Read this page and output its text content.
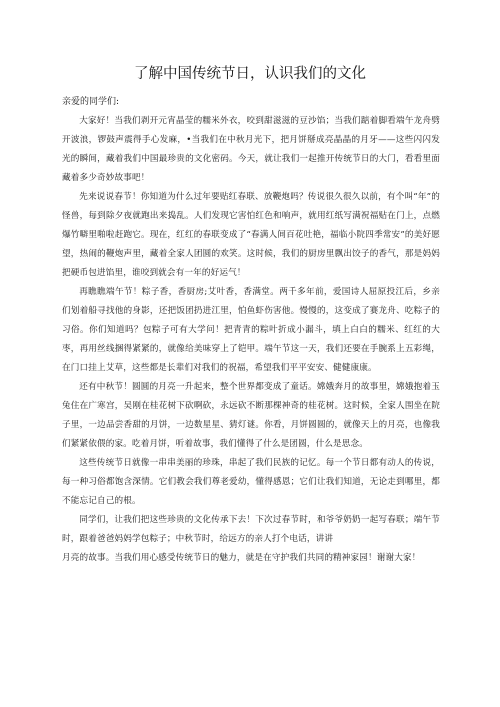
了解中国传统节日，认识我们的文化
亲爱的同学们:

大家好！当我们剥开元宵晶莹的糯米外衣，咬到甜滋滋的豆沙馅；当我们踮着脚看端午龙舟劈开波浪，锣鼓声震得手心发麻，•当我们在中秋月光下，把月饼掰成亮晶晶的月牙——这些闪闪发光的瞬间，藏着我们中国最珍贵的文化密码。今天，就让我们一起推开传统节日的大门，看看里面藏着多少奇妙故事吧！

先来说说春节！你知道为什么过年要贴红春联、放鞭炮吗？传说很久很久以前，有个叫“年”的怪兽，每到除夕夜就跑出来捣乱。人们发现它害怕红色和响声，就用红纸写满祝福贴在门上，点燃爆竹噼里啪啦赶跑它。现在，红红的春联变成了“春满人间百花吐艳，福临小院四季常安”的美好愿望，热闹的鞭炮声里，藏着全家人团圆的欢笑。这时候，我们的厨房里飘出饺子的香气，那是妈妈把硬币包进馅里，谁咬到就会有一年的好运气！

再瞧瞧端午节！粽子香，香厨房;艾叶香，香满堂。两千多年前，爱国诗人屈原投江后，乡亲们划着船寻找他的身影，还把饭团扔进江里，怕鱼虾伤害他。慢慢的，这变成了赛龙舟、吃粽子的习俗。你们知道吗？包粽子可有大学问！把青青的粽叶折成小漏斗，填上白白的糯米、红红的大枣，再用丝线捆得紧紧的，就像给美味穿上了铠甲。端午节这一天，我们还要在手腕系上五彩绳，在门口挂上艾草，这些都是长辈们对我们的祝福，希望我们平平安安、健健康康。

还有中秋节！圆圆的月亮一升起来，整个世界都变成了童话。嫦娥奔月的故事里，嫦娥抱着玉兔住在广寒宫，吴刚在桂花树下砍啊砍，永远砍不断那棵神奇的桂花树。这时候，全家人围坐在院子里，一边品尝香甜的月饼，一边数星星、猜灯谜。你看，月饼圆圆的，就像天上的月亮，也像我们紧紧依偎的家。吃着月饼，听着故事，我们懂得了什么是团圆，什么是思念。

这些传统节日就像一串串美丽的珍珠，串起了我们民族的记忆。每一个节日都有动人的传说，每一种习俗都饱含深情。它们教会我们尊老爱幼，懂得感恩；它们让我们知道，无论走到哪里，都不能忘记自己的根。

同学们，让我们把这些珍贵的文化传承下去！下次过春节时，和爷爷奶奶一起写春联；端午节时，跟着爸爸妈妈学包粽子；中秋节时，给远方的亲人打个电话，讲讲

月亮的故事。当我们用心感受传统节日的魅力，就是在守护我们共同的精神家园！谢谢大家！
